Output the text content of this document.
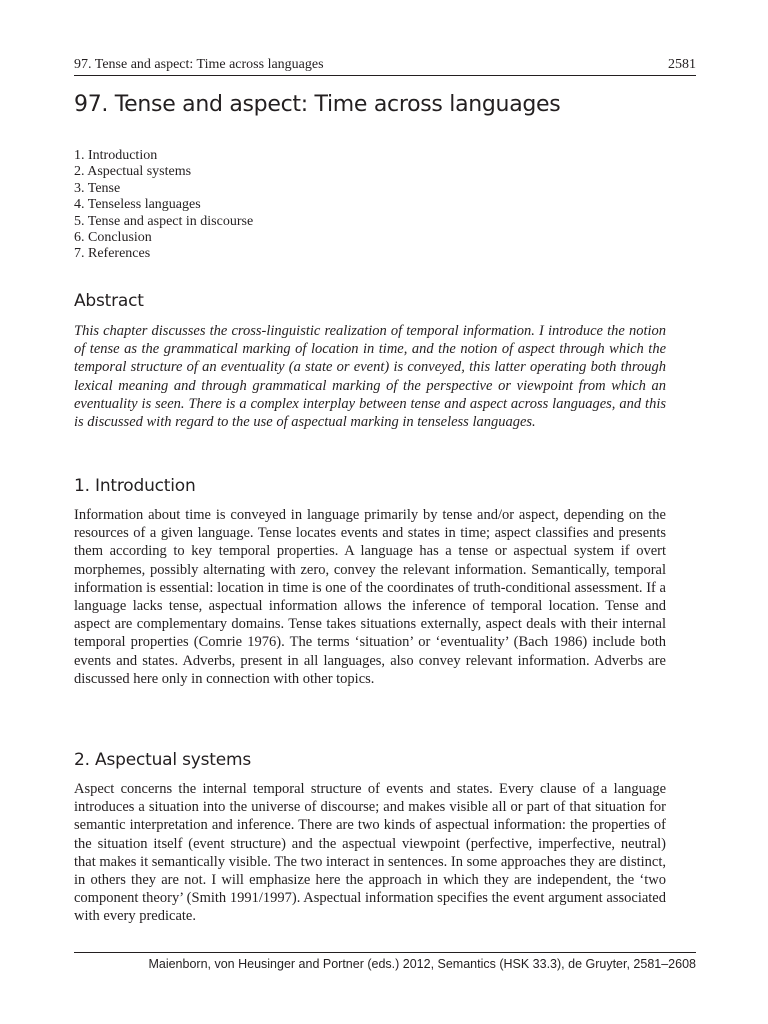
97. Tense and aspect: Time across languages	2581
97. Tense and aspect: Time across languages
1. Introduction
2. Aspectual systems
3. Tense
4. Tenseless languages
5. Tense and aspect in discourse
6. Conclusion
7. References
Abstract

This chapter discusses the cross-linguistic realization of temporal information. I introduce the notion of tense as the grammatical marking of location in time, and the notion of aspect through which the temporal structure of an eventuality (a state or event) is conveyed, this latter operating both through lexical meaning and through grammatical marking of the perspective or viewpoint from which an eventuality is seen. There is a complex interplay between tense and aspect across languages, and this is discussed with regard to the use of aspectual marking in tenseless languages.

1. Introduction

Information about time is conveyed in language primarily by tense and/or aspect, depending on the resources of a given language. Tense locates events and states in time; aspect classifies and presents them according to key temporal properties. A language has a tense or aspectual system if overt morphemes, possibly alternating with zero, convey the relevant information. Semantically, temporal information is essential: location in time is one of the coordinates of truth-conditional assessment. If a language lacks tense, aspectual information allows the inference of temporal location. Tense and aspect are complementary domains. Tense takes situations externally, aspect deals with their internal temporal properties (Comrie 1976). The terms ‘situation’ or ‘eventuality’ (Bach 1986) include both events and states. Adverbs, present in all languages, also convey relevant information. Adverbs are discussed here only in connection with other topics.

2. Aspectual systems

Aspect concerns the internal temporal structure of events and states. Every clause of a language introduces a situation into the universe of discourse; and makes visible all or part of that situation for semantic interpretation and inference. There are two kinds of aspectual information: the properties of the situation itself (event structure) and the aspectual viewpoint (perfective, imperfective, neutral) that makes it semantically visible. The two interact in sentences. In some approaches they are distinct, in others they are not. I will emphasize here the approach in which they are independent, the ‘two component theory’ (Smith 1991/1997). Aspectual information specifies the event argument associated with every predicate.

Maienborn, von Heusinger and Portner (eds.) 2012, Semantics (HSK 33.3), de Gruyter, 2581–2608
